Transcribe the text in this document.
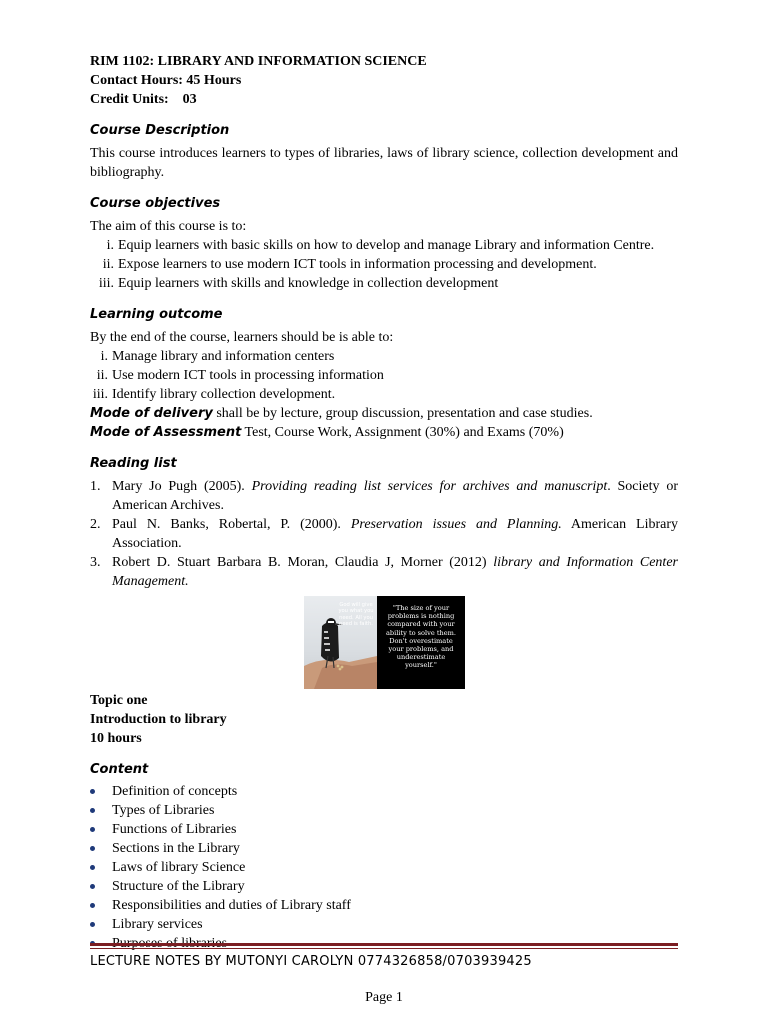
RIM 1102: LIBRARY AND INFORMATION SCIENCE
Contact Hours: 45 Hours
Credit Units:    03
Course Description
This course introduces learners to types of libraries, laws of library science, collection development and bibliography.
Course objectives
The aim of this course is to:
i. Equip learners with basic skills on how to develop and manage Library and information Centre.
ii. Expose learners to use modern ICT tools in information processing and development.
iii. Equip learners with skills and knowledge in collection development
Learning outcome
By the end of the course, learners should be is able to:
i. Manage library and information centers
ii. Use modern ICT tools in processing information
iii. Identify library collection development.
Mode of delivery shall be by lecture, group discussion, presentation and case studies.
Mode of Assessment Test, Course Work, Assignment (30%) and Exams (70%)
Reading list
1. Mary Jo Pugh (2005). Providing reading list services for archives and manuscript. Society or American Archives.
2. Paul N. Banks, Robertal, P. (2000). Preservation issues and Planning. American Library Association.
3. Robert D. Stuart Barbara B. Moran, Claudia J, Morner (2012) library and Information Center Management.
God will give you what you need. All you need is faith.
"The size of your problems is nothing compared with your ability to solve them. Don't overestimate your problems, and underestimate yourself."
Topic one
Introduction to library
10 hours
Content
Definition of concepts
Types of Libraries
Functions of Libraries
Sections in the Library
Laws of library Science
Structure of the Library
Responsibilities and duties of Library staff
Library services
LECTURE NOTES BY MUTONYI CAROLYN 0774326858/0703939425
Page 1
